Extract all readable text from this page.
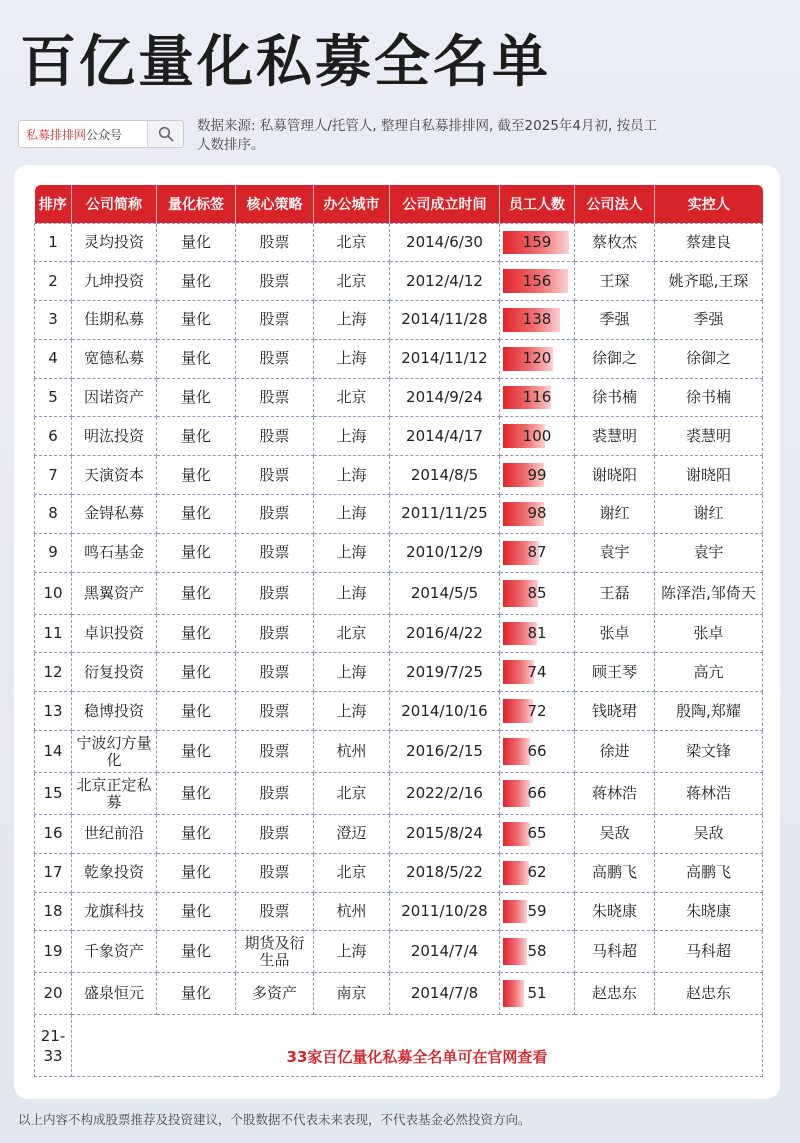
百亿量化私募全名单
私募排排网 公众号
数据来源: 私募管理人/托管人, 整理自私募排排网, 截至2025年4月初, 按员工人数排序。
排序	公司简称	量化标签	核心策略	办公城市	公司成立时间	员工人数	公司法人	实控人
1	灵均投资	量化	股票	北京	2014/6/30	159	蔡枚杰	蔡建良
2	九坤投资	量化	股票	北京	2012/4/12	156	王琛	姚齐聪,王琛
3	佳期私募	量化	股票	上海	2014/11/28	138	季强	季强
4	宽德私募	量化	股票	上海	2014/11/12	120	徐御之	徐御之
5	因诺资产	量化	股票	北京	2014/9/24	116	徐书楠	徐书楠
6	明汯投资	量化	股票	上海	2014/4/17	100	裘慧明	裘慧明
7	天演资本	量化	股票	上海	2014/8/5	99	谢晓阳	谢晓阳
8	金锝私募	量化	股票	上海	2011/11/25	98	谢红	谢红
9	鸣石基金	量化	股票	上海	2010/12/9	87	袁宇	袁宇
10	黑翼资产	量化	股票	上海	2014/5/5	85	王磊	陈泽浩,邹倚天
11	卓识投资	量化	股票	北京	2016/4/22	81	张卓	张卓
12	衍复投资	量化	股票	上海	2019/7/25	74	顾王琴	高亢
13	稳博投资	量化	股票	上海	2014/10/16	72	钱晓珺	殷陶,郑耀
14	宁波幻方量化	量化	股票	杭州	2016/2/15	66	徐进	梁文锋
15	北京正定私募	量化	股票	北京	2022/2/16	66	蒋林浩	蒋林浩
16	世纪前沿	量化	股票	澄迈	2015/8/24	65	吴敌	吴敌
17	乾象投资	量化	股票	北京	2018/5/22	62	高鹏飞	高鹏飞
18	龙旗科技	量化	股票	杭州	2011/10/28	59	朱晓康	朱晓康
19	千象资产	量化	期货及衍生品	上海	2014/7/4	58	马科超	马科超
20	盛泉恒元	量化	多资产	南京	2014/7/8	51	赵忠东	赵忠东
21-33	33家百亿量化私募全名单可在官网查看							
以上内容不构成股票推荐及投资建议，个股数据不代表未来表现，不代表基金必然投资方向。
